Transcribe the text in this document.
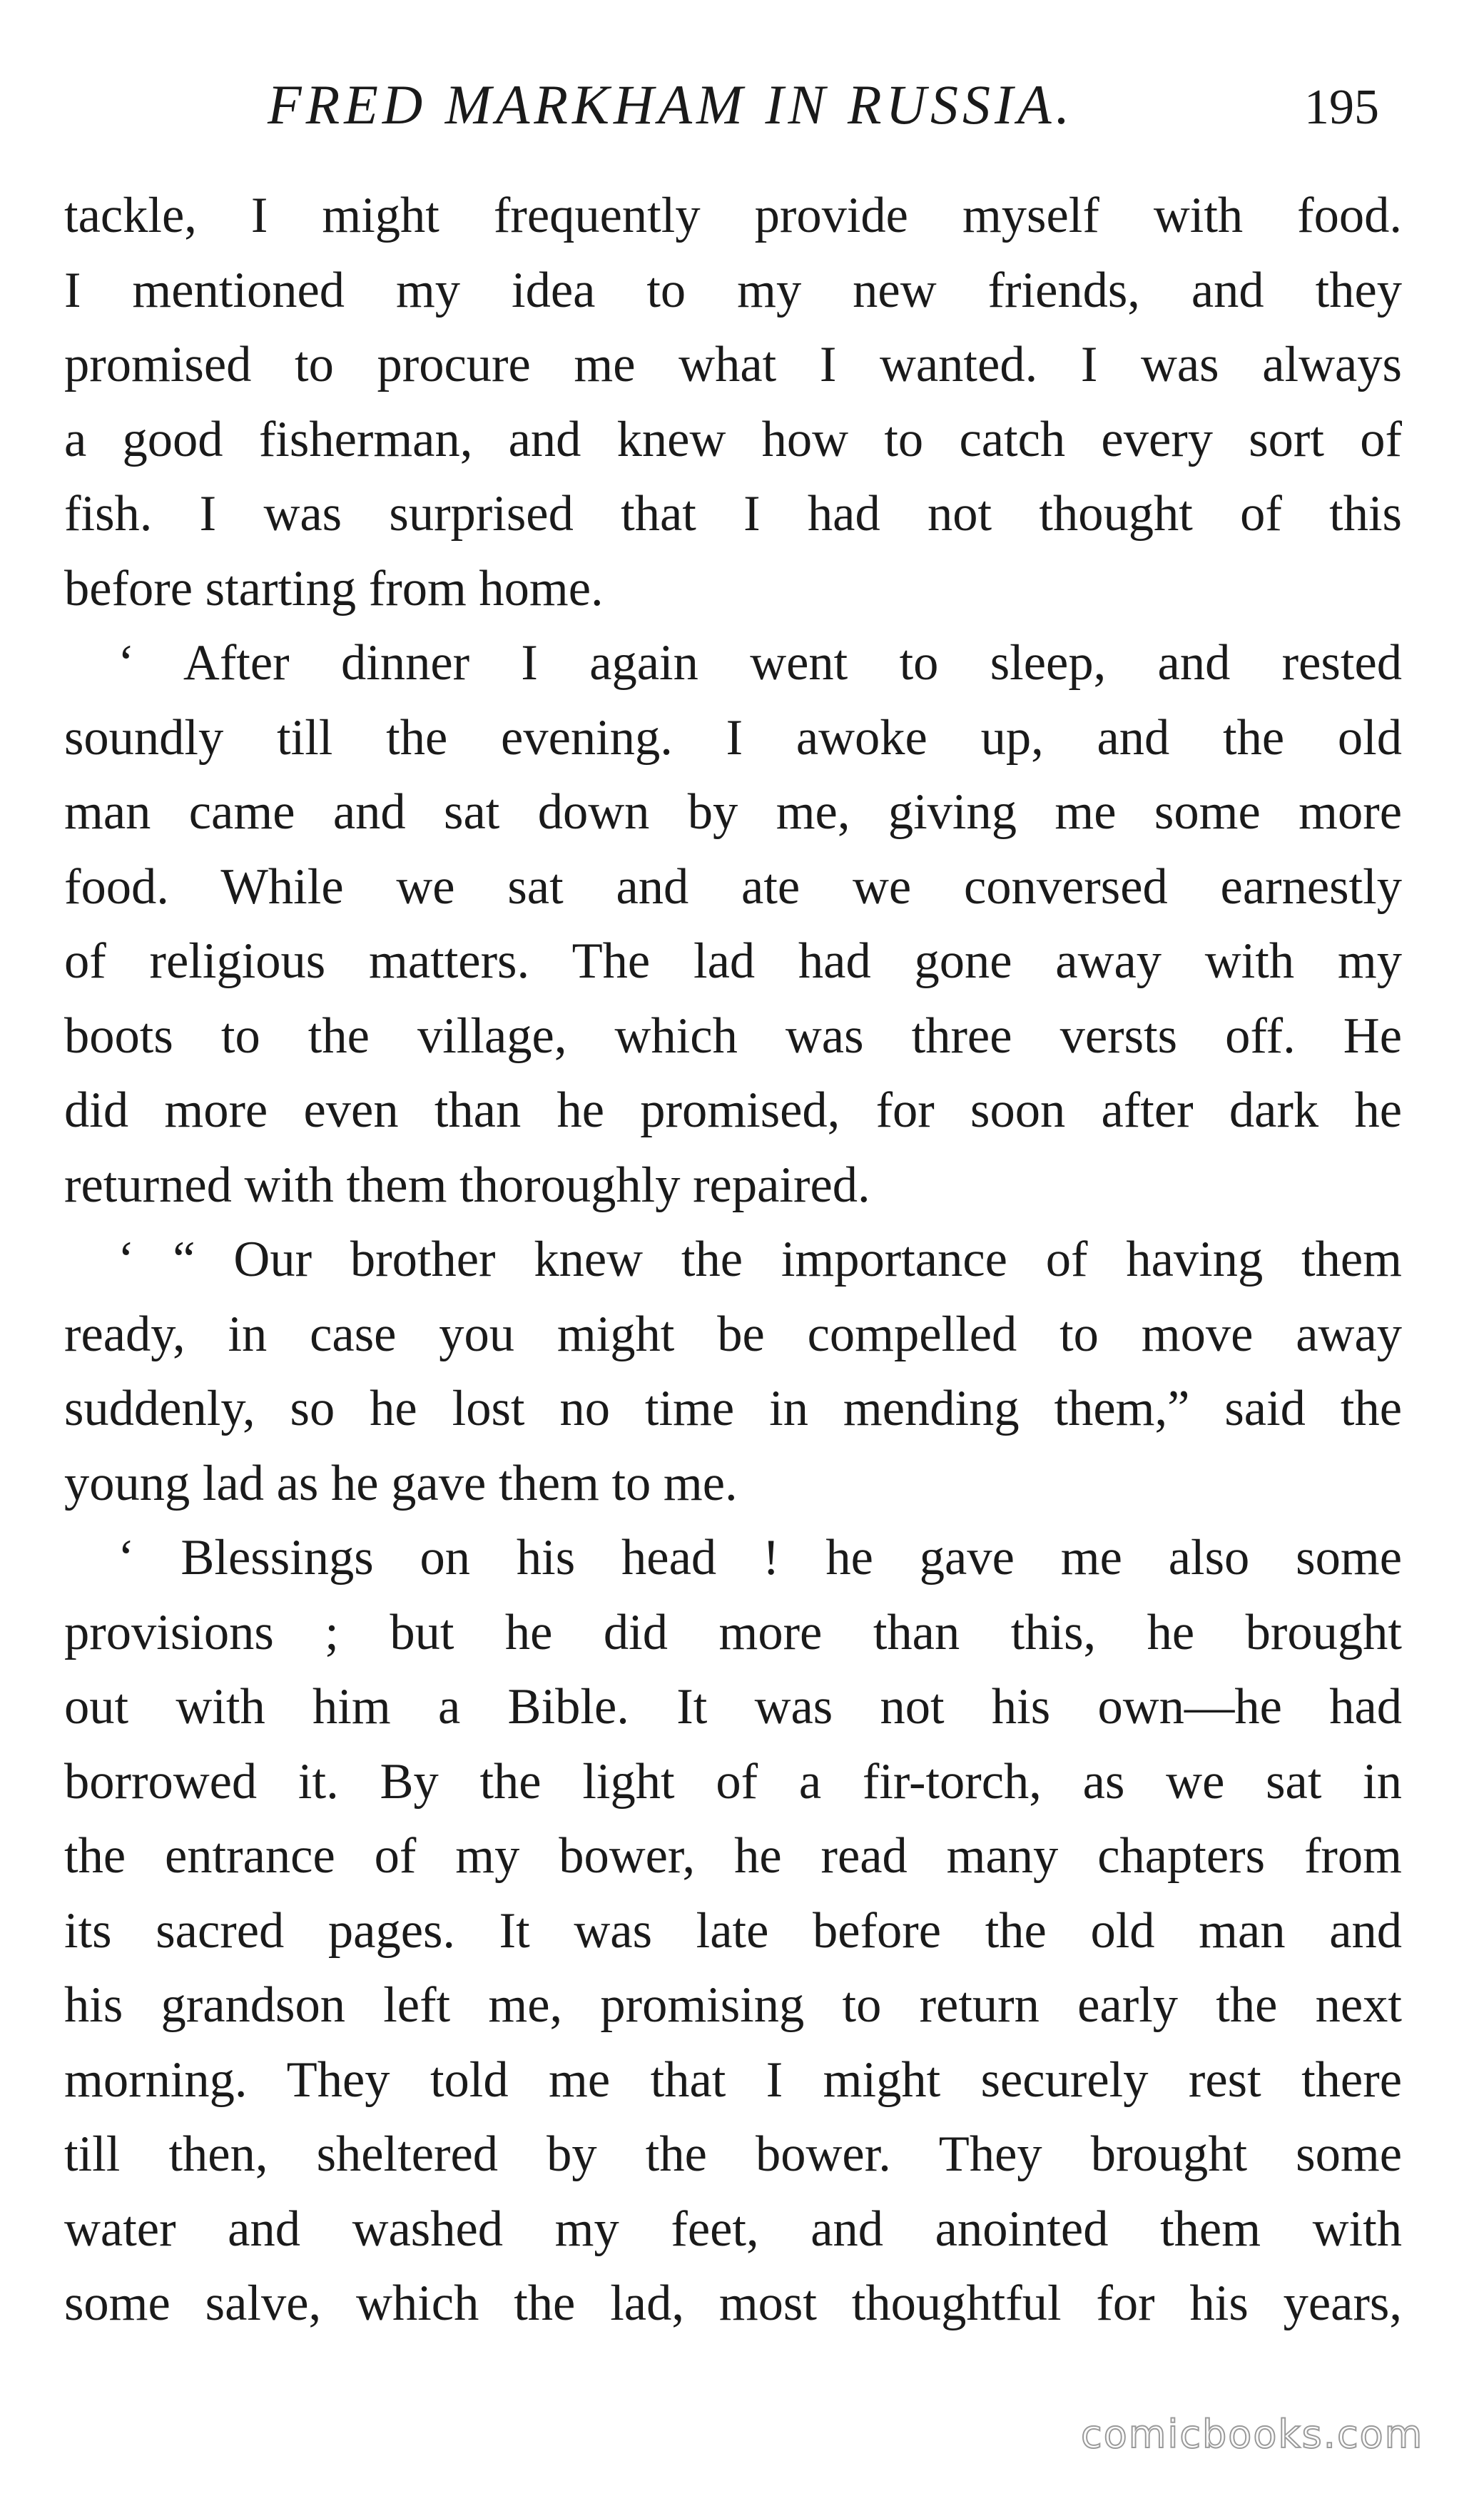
FRED MARKHAM IN RUSSIA.	195
tackle, I might frequently provide myself with food.
I mentioned my idea to my new friends, and they
promised to procure me what I wanted. I was always
a good fisherman, and knew how to catch every sort of
fish. I was surprised that I had not thought of this
before starting from home.
‘ After dinner I again went to sleep, and rested
soundly till the evening. I awoke up, and the old
man came and sat down by me, giving me some more
food. While we sat and ate we conversed earnestly
of religious matters. The lad had gone away with my
boots to the village, which was three versts off. He
did more even than he promised, for soon after dark he
returned with them thoroughly repaired.
‘ “ Our brother knew the importance of having them
ready, in case you might be compelled to move away
suddenly, so he lost no time in mending them,” said the
young lad as he gave them to me.
‘ Blessings on his head ! he gave me also some
provisions ; but he did more than this, he brought
out with him a Bible. It was not his own—he had
borrowed it. By the light of a fir-torch, as we sat in
the entrance of my bower, he read many chapters from
its sacred pages. It was late before the old man and
his grandson left me, promising to return early the next
morning. They told me that I might securely rest there
till then, sheltered by the bower. They brought some
water and washed my feet, and anointed them with
some salve, which the lad, most thoughtful for his years,
comicbooks.com
